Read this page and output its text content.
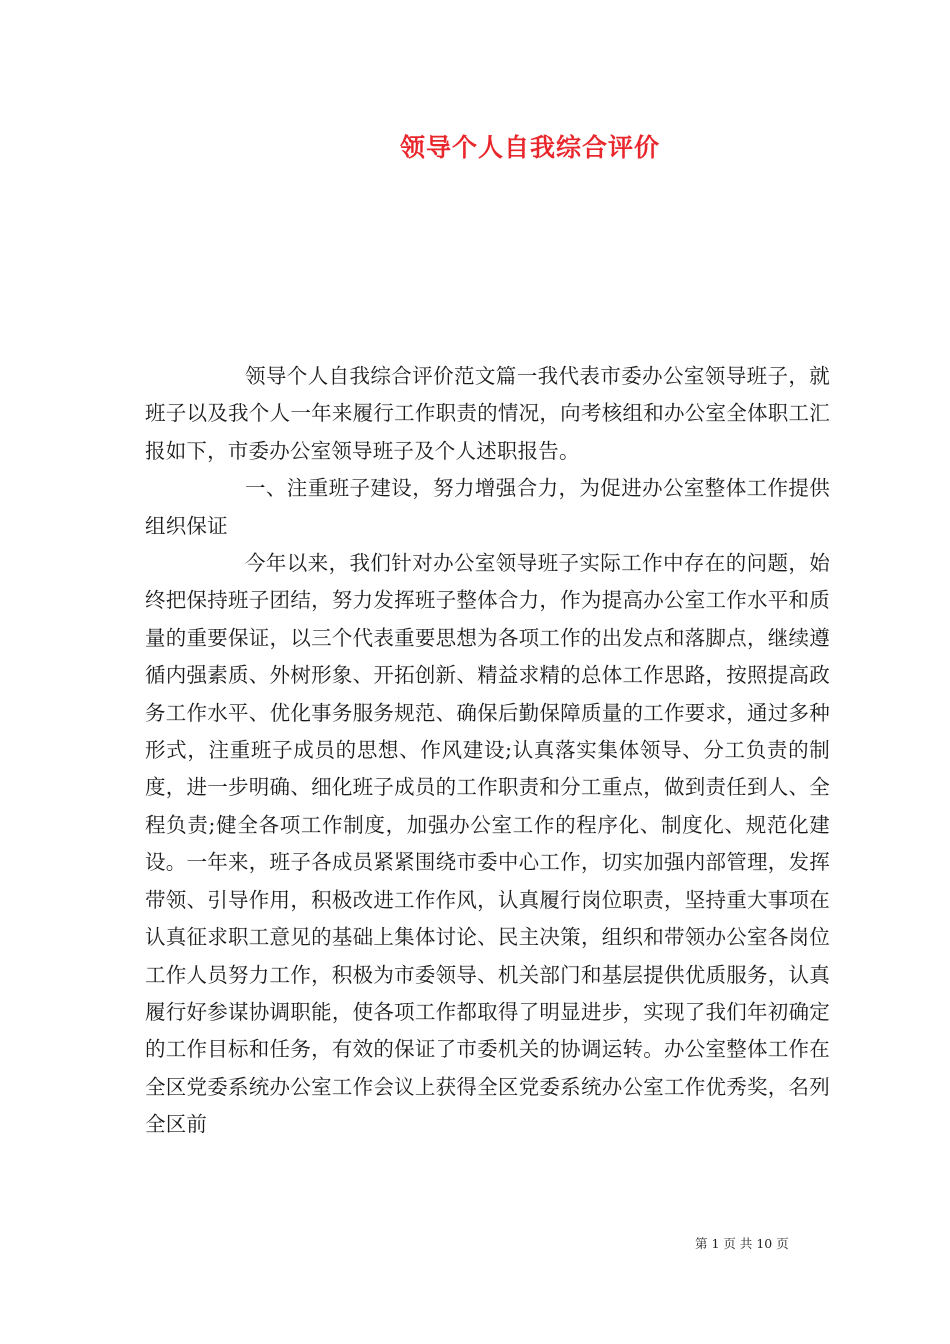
领导个人自我综合评价

领导个人自我综合评价范文篇一我代表市委办公室领导班子，就班子以及我个人一年来履行工作职责的情况，向考核组和办公室全体职工汇报如下，市委办公室领导班子及个人述职报告。

一、注重班子建设，努力增强合力，为促进办公室整体工作提供组织保证

今年以来，我们针对办公室领导班子实际工作中存在的问题，始终把保持班子团结，努力发挥班子整体合力，作为提高办公室工作水平和质量的重要保证，以三个代表重要思想为各项工作的出发点和落脚点，继续遵循内强素质、外树形象、开拓创新、精益求精的总体工作思路，按照提高政务工作水平、优化事务服务规范、确保后勤保障质量的工作要求，通过多种形式，注重班子成员的思想、作风建设;认真落实集体领导、分工负责的制度，进一步明确、细化班子成员的工作职责和分工重点，做到责任到人、全程负责;健全各项工作制度，加强办公室工作的程序化、制度化、规范化建设。一年来，班子各成员紧紧围绕市委中心工作，切实加强内部管理，发挥带领、引导作用，积极改进工作作风，认真履行岗位职责，坚持重大事项在认真征求职工意见的基础上集体讨论、民主决策，组织和带领办公室各岗位工作人员努力工作，积极为市委领导、机关部门和基层提供优质服务，认真履行好参谋协调职能，使各项工作都取得了明显进步，实现了我们年初确定的工作目标和任务，有效的保证了市委机关的协调运转。办公室整体工作在全区党委系统办公室工作会议上获得全区党委系统办公室工作优秀奖，名列全区前

第 1 页 共 10 页
